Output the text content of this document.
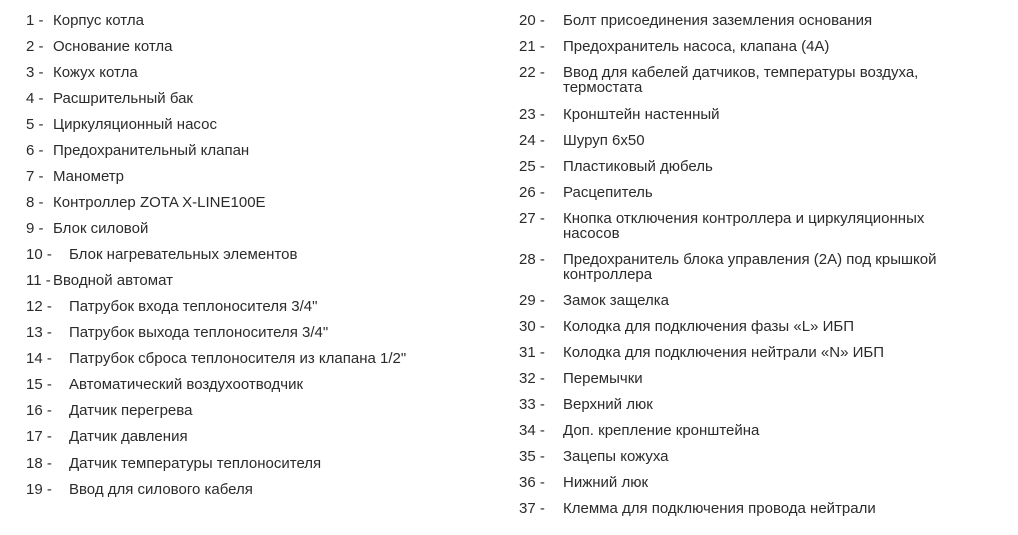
1 - Корпус котла
2 - Основание котла
3 - Кожух котла
4 - Расшрительный бак
5 - Циркуляционный насос
6 - Предохранительный клапан
7 - Манометр
8 - Контроллер ZOTA X-LINE100E
9 - Блок силовой
10 - Блок нагревательных элементов
11 - Вводной автомат
12 - Патрубок входа теплоносителя 3/4"
13 - Патрубок выхода теплоносителя 3/4"
14 - Патрубок сброса теплоносителя из клапана 1/2"
15 - Автоматический воздухоотводчик
16 - Датчик перегрева
17 - Датчик давления
18 - Датчик температуры теплоносителя
19 - Ввод для силового кабеля
20 - Болт присоединения заземления основания
21 - Предохранитель насоса, клапана (4А)
22 - Ввод для кабелей датчиков, температуры воздуха,
термостата
23 - Кронштейн настенный
24 - Шуруп 6х50
25 - Пластиковый дюбель
26 - Расцепитель
27 - Кнопка отключения контроллера и циркуляционных
насосов
28 - Предохранитель блока управления (2А) под крышкой
контроллера
29 - Замок защелка
30 - Колодка для подключения фазы «L» ИБП
31 - Колодка для подключения нейтрали «N» ИБП
32 - Перемычки
33 - Верхний люк
34 - Доп. крепление кронштейна
35 - Зацепы кожуха
36 - Нижний люк
37 - Клемма для подключения провода нейтрали
